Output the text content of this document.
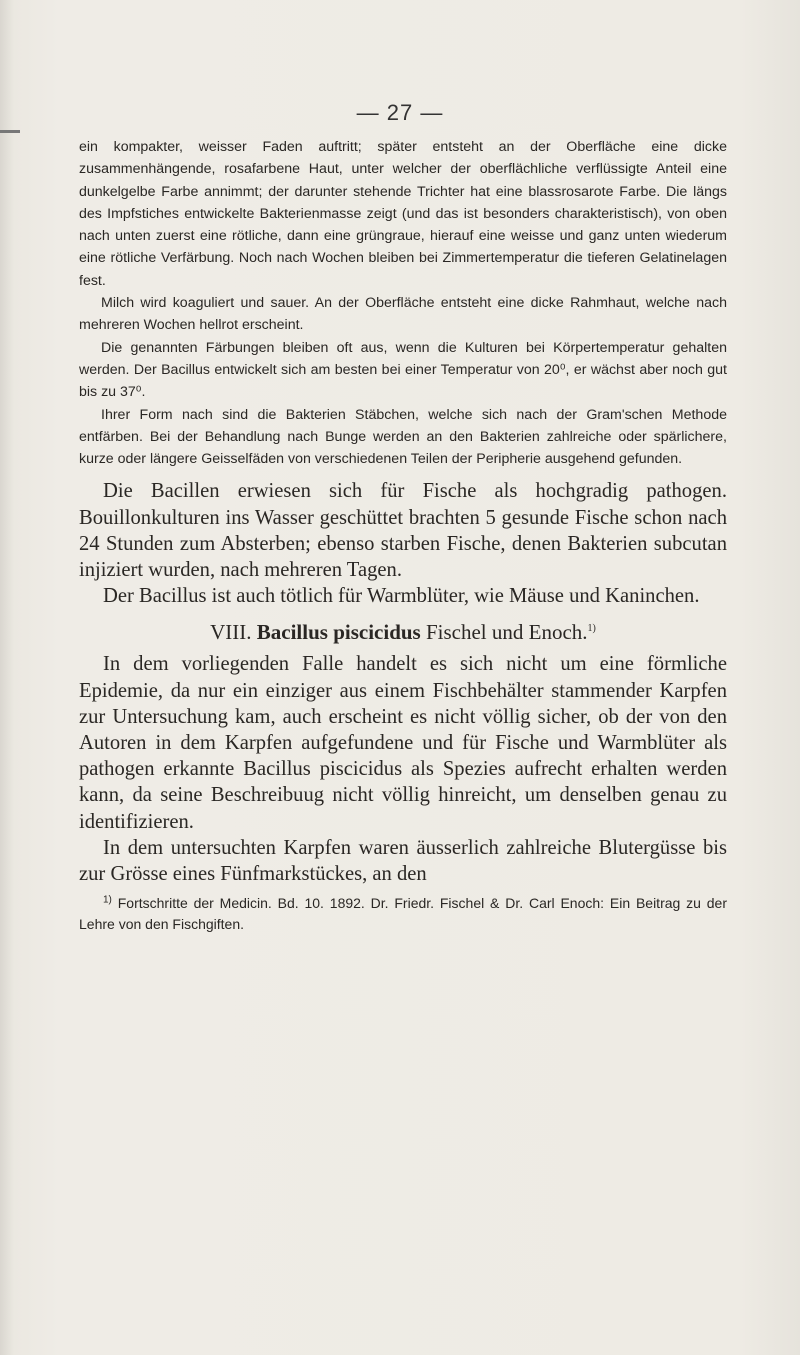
— 27 —

ein kompakter, weisser Faden auftritt; später entsteht an der Oberfläche eine dicke zusammenhängende, rosafarbene Haut, unter welcher der oberflächliche verflüssigte Anteil eine dunkelgelbe Farbe annimmt; der darunter stehende Trichter hat eine blassrosarote Farbe. Die längs des Impfstiches entwickelte Bakterienmasse zeigt (und das ist besonders charakteristisch), von oben nach unten zuerst eine rötliche, dann eine grüngraue, hierauf eine weisse und ganz unten wiederum eine rötliche Verfärbung. Noch nach Wochen bleiben bei Zimmertemperatur die tieferen Gelatinelagen fest.

Milch wird koaguliert und sauer. An der Oberfläche entsteht eine dicke Rahmhaut, welche nach mehreren Wochen hellrot erscheint.

Die genannten Färbungen bleiben oft aus, wenn die Kulturen bei Körpertemperatur gehalten werden. Der Bacillus entwickelt sich am besten bei einer Temperatur von 20⁰, er wächst aber noch gut bis zu 37⁰.

Ihrer Form nach sind die Bakterien Stäbchen, welche sich nach der Gram'schen Methode entfärben. Bei der Behandlung nach Bunge werden an den Bakterien zahlreiche oder spärlichere, kurze oder längere Geisselfäden von verschiedenen Teilen der Peripherie ausgehend gefunden.

Die Bacillen erwiesen sich für Fische als hochgradig pathogen. Bouillonkulturen ins Wasser geschüttet brachten 5 gesunde Fische schon nach 24 Stunden zum Absterben; ebenso starben Fische, denen Bakterien subcutan injiziert wurden, nach mehreren Tagen.

Der Bacillus ist auch tötlich für Warmblüter, wie Mäuse und Kaninchen.

VIII. Bacillus piscicidus Fischel und Enoch.$^{1)}$

In dem vorliegenden Falle handelt es sich nicht um eine förmliche Epidemie, da nur ein einziger aus einem Fischbehälter stammender Karpfen zur Untersuchung kam, auch erscheint es nicht völlig sicher, ob der von den Autoren in dem Karpfen aufgefundene und für Fische und Warmblüter als pathogen erkannte Bacillus piscicidus als Spezies aufrecht erhalten werden kann, da seine Beschreibuug nicht völlig hinreicht, um denselben genau zu identifizieren.

In dem untersuchten Karpfen waren äusserlich zahlreiche Blutergüsse bis zur Grösse eines Fünfmarkstückes, an den

$^{1)}$ Fortschritte der Medicin. Bd. 10. 1892. Dr. Friedr. Fischel & Dr. Carl Enoch: Ein Beitrag zu der Lehre von den Fischgiften.
